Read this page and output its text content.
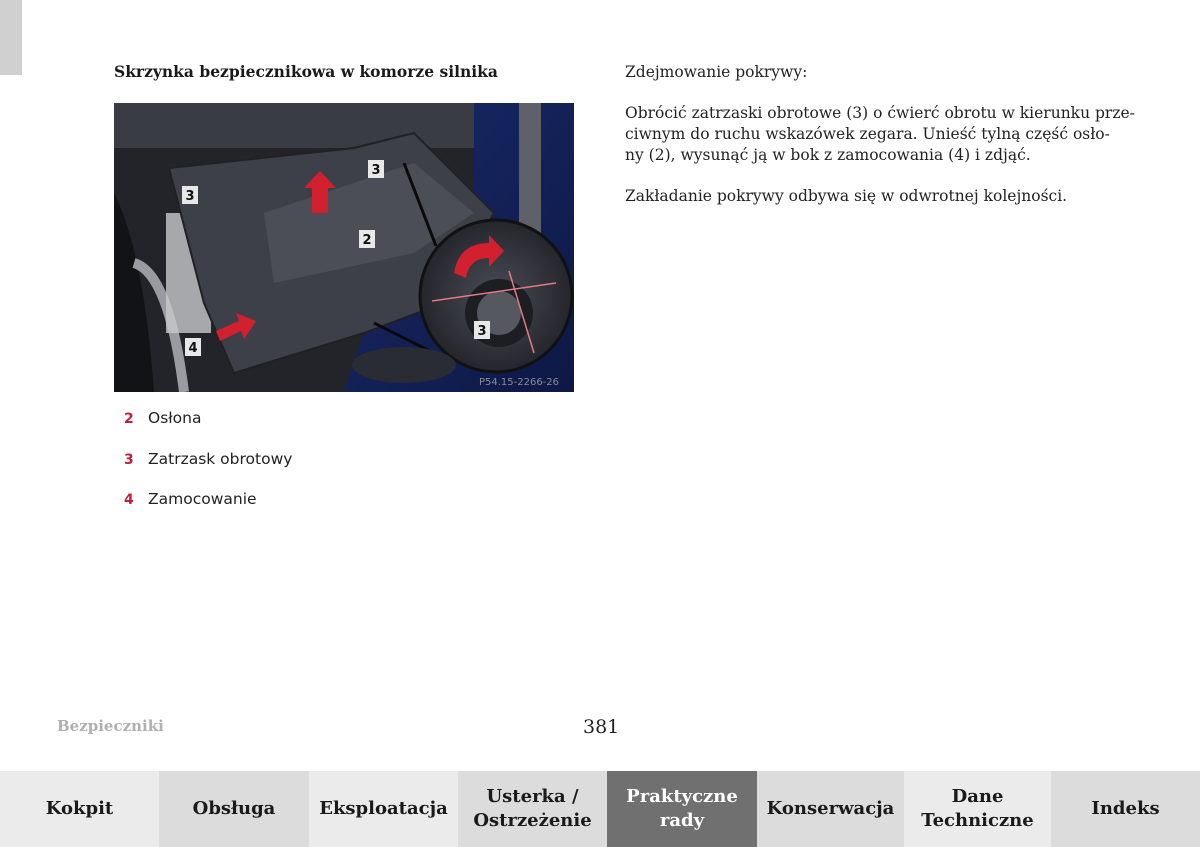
Skrzynka bezpiecznikowa w komorze silnika
3
3
2
3
4
P54.15-2266-26
2 Osłona
3 Zatrzask obrotowy
4 Zamocowanie

Zdejmowanie pokrywy:

Obrócić zatrzaski obrotowe (3) o ćwierć obrotu w kierunku prze-
ciwnym do ruchu wskazówek zegara. Unieść tylną część osło-
ny (2), wysunąć ją w bok z zamocowania (4) i zdjąć.

Zakładanie pokrywy odbywa się w odwrotnej kolejności.

Bezpieczniki	381
Kokpit	Obsługa Eksploatacja
Usterka /
Ostrzeżenie
Praktyczne
rady
Konserwacja
Dane
Techniczne
Indeks
